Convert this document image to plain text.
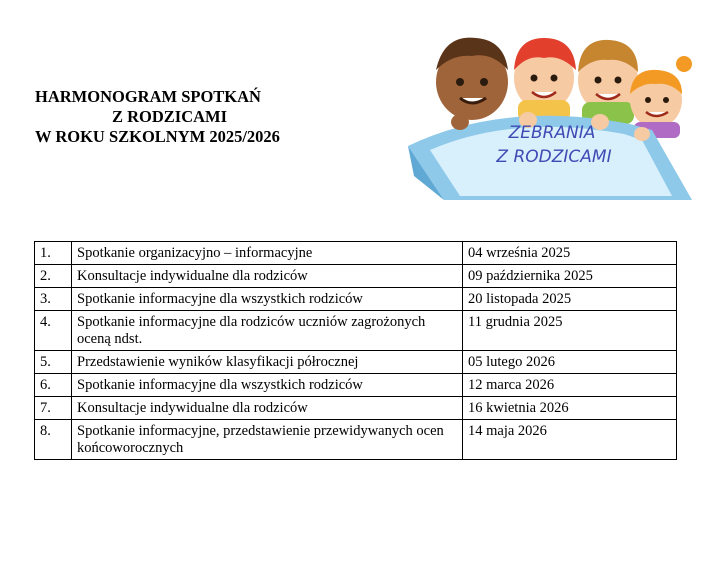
HARMONOGRAM SPOTKAŃ
Z RODZICAMI
W ROKU SZKOLNYM 2025/2026	ZEBRANIA
Z RODZICAMI
1.	Spotkanie organizacyjno – informacyjne	04 września 2025
2.	Konsultacje indywidualne dla rodziców	09 października 2025
3.	Spotkanie informacyjne dla wszystkich rodziców	20 listopada 2025
4.	Spotkanie informacyjne dla rodziców uczniów zagrożonych oceną ndst.	11 grudnia 2025
5.	Przedstawienie wyników klasyfikacji półrocznej	05 lutego 2026
6.	Spotkanie informacyjne dla wszystkich rodziców	12 marca 2026
7.	Konsultacje indywidualne dla rodziców	16 kwietnia 2026
8.	Spotkanie informacyjne, przedstawienie przewidywanych ocen końcoworocznych	14 maja 2026
